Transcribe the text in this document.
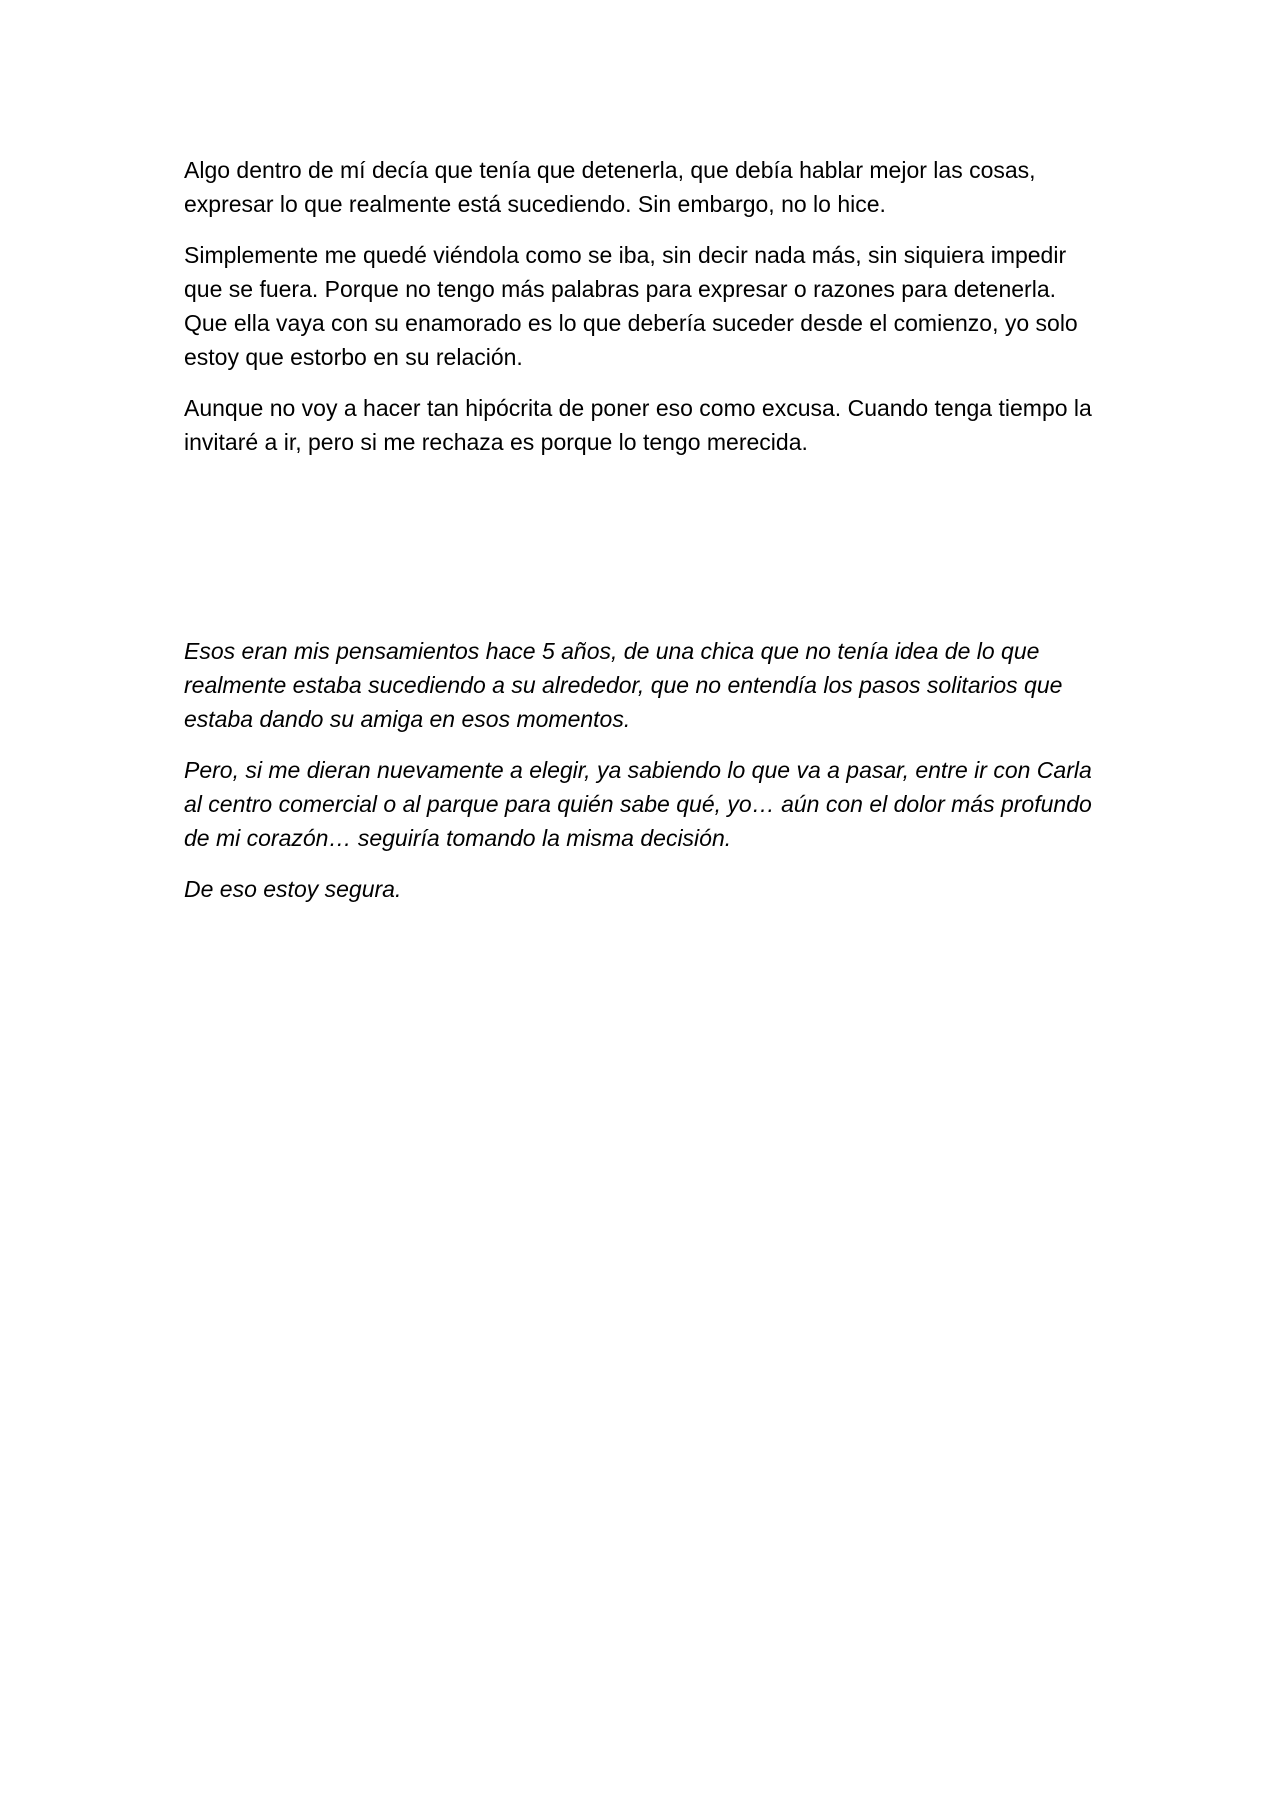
Algo dentro de mí decía que tenía que detenerla, que debía hablar mejor las cosas, expresar lo que realmente está sucediendo. Sin embargo, no lo hice.

Simplemente me quedé viéndola como se iba, sin decir nada más, sin siquiera impedir que se fuera. Porque no tengo más palabras para expresar o razones para detenerla. Que ella vaya con su enamorado es lo que debería suceder desde el comienzo, yo solo estoy que estorbo en su relación.

Aunque no voy a hacer tan hipócrita de poner eso como excusa. Cuando tenga tiempo la invitaré a ir, pero si me rechaza es porque lo tengo merecida.

Esos eran mis pensamientos hace 5 años, de una chica que no tenía idea de lo que realmente estaba sucediendo a su alrededor, que no entendía los pasos solitarios que estaba dando su amiga en esos momentos.

Pero, si me dieran nuevamente a elegir, ya sabiendo lo que va a pasar, entre ir con Carla al centro comercial o al parque para quién sabe qué, yo… aún con el dolor más profundo de mi corazón… seguiría tomando la misma decisión.

De eso estoy segura.
